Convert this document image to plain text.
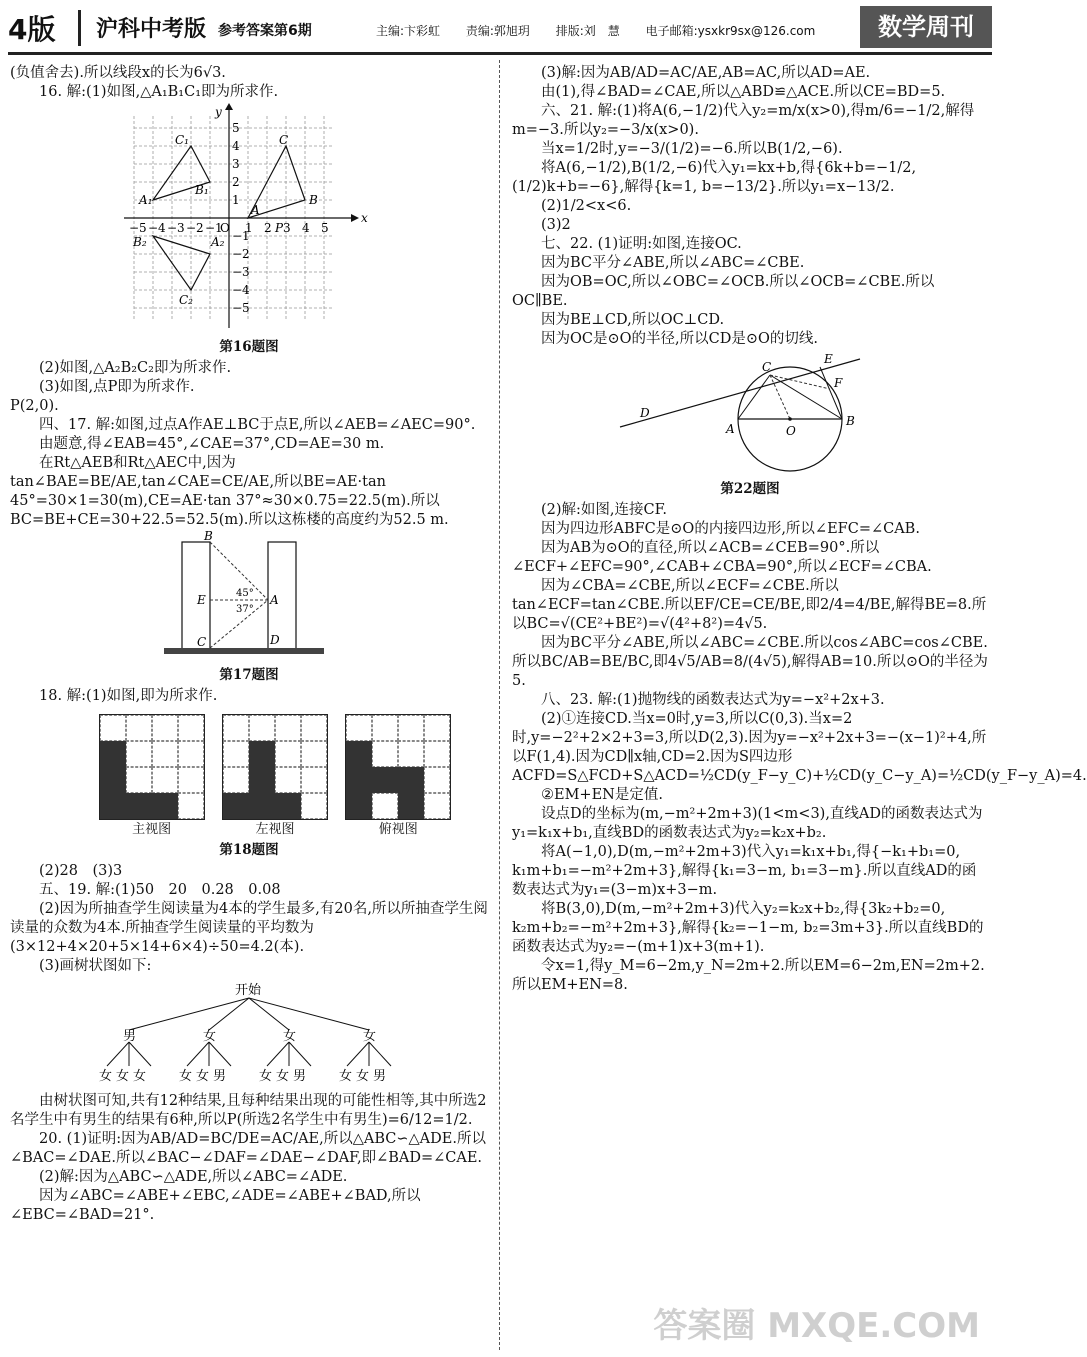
4版 沪科中考版 参考答案第6期	主编:卞彩虹 责编:郭旭玥 排版:刘　慧 电子邮箱:ysxkr9sx@126.com	数学周刊

(负值舍去).所以线段x的长为6√3.

16. 解:(1)如图,△A₁B₁C₁即为所求作.

x
y
−5 −4 −3 −2 −1
O 1 2 3 4 5
5
4
3
2
1
−1
−2
−3
−4
−5
A
B
C
A₁
B₁
C₁
B₂	A₂
C₂
P

第16题图

(2)如图,△A₂B₂C₂即为所求作.

(3)如图,点P即为所求作.

P(2,0).

四、17. 解:如图,过点A作AE⊥BC于点E,所以∠AEB=∠AEC=90°.

由题意,得∠EAB=45°,∠CAE=37°,CD=AE=30 m.

在Rt△AEB和Rt△AEC中,因为tan∠BAE=BE/AE,tan∠CAE=CE/AE,所以BE=AE·tan 45°=30×1=30(m),CE=AE·tan 37°≈30×0.75=22.5(m).所以BC=BE+CE=30+22.5=52.5(m).所以这栋楼的高度约为52.5 m.

B
E
C
A
D
45°
37°

第17题图

18. 解:(1)如图,即为所求作.

主视图	左视图	俯视图

第18题图

(2)28　(3)3

五、19. 解:(1)50　20　0.28　0.08

(2)因为所抽查学生阅读量为4本的学生最多,有20名,所以所抽查学生阅读量的众数为4本.所抽查学生阅读量的平均数为(3×12+4×20+5×14+6×4)÷50=4.2(本).

(3)画树状图如下:

开始
男	女	女	女
女女女 女女男 女女男 女女男

由树状图可知,共有12种结果,且每种结果出现的可能性相等,其中所选2名学生中有男生的结果有6种,所以P(所选2名学生中有男生)=6/12=1/2.

20. (1)证明:因为AB/AD=BC/DE=AC/AE,所以△ABC∽△ADE.所以∠BAC=∠DAE.所以∠BAC−∠DAF=∠DAE−∠DAF,即∠BAD=∠CAE.

(2)解:因为△ABC∽△ADE,所以∠ABC=∠ADE.

因为∠ABC=∠ABE+∠EBC,∠ADE=∠ABE+∠BAD,所以∠EBC=∠BAD=21°.

(3)解:因为AB/AD=AC/AE,AB=AC,所以AD=AE.

由(1),得∠BAD=∠CAE,所以△ABD≌△ACE.所以CE=BD=5.

六、21. 解:(1)将A(6,−1/2)代入y₂=m/x(x>0),得m/6=−1/2,解得m=−3.所以y₂=−3/x(x>0).

当x=1/2时,y=−3/(1/2)=−6.所以B(1/2,−6).

将A(6,−1/2),B(1/2,−6)代入y₁=kx+b,得{6k+b=−1/2, (1/2)k+b=−6},解得{k=1, b=−13/2}.所以y₁=x−13/2.

(2)1/2<x<6.

(3)2

七、22. (1)证明:如图,连接OC.

因为BC平分∠ABE,所以∠ABC=∠CBE.

因为OB=OC,所以∠OBC=∠OCB.所以∠OCB=∠CBE.所以OC∥BE.

因为BE⊥CD,所以OC⊥CD.

因为OC是⊙O的半径,所以CD是⊙O的切线.

E
C
F
D
A	O
B

第22题图

(2)解:如图,连接CF.

因为四边形ABFC是⊙O的内接四边形,所以∠EFC=∠CAB.

因为AB为⊙O的直径,所以∠ACB=∠CEB=90°.所以∠ECF+∠EFC=90°,∠CAB+∠CBA=90°,所以∠ECF=∠CBA.

因为∠CBA=∠CBE,所以∠ECF=∠CBE.所以tan∠ECF=tan∠CBE.所以EF/CE=CE/BE,即2/4=4/BE,解得BE=8.所以BC=√(CE²+BE²)=√(4²+8²)=4√5.

因为BC平分∠ABE,所以∠ABC=∠CBE.所以cos∠ABC=cos∠CBE.所以BC/AB=BE/BC,即4√5/AB=8/(4√5),解得AB=10.所以⊙O的半径为5.

八、23. 解:(1)抛物线的函数表达式为y=−x²+2x+3.

(2)①连接CD.当x=0时,y=3,所以C(0,3).当x=2时,y=−2²+2×2+3=3,所以D(2,3).因为y=−x²+2x+3=−(x−1)²+4,所以F(1,4).因为CD∥x轴,CD=2.因为S四边形ACFD=S△FCD+S△ACD=½CD(y_F−y_C)+½CD(y_C−y_A)=½CD(y_F−y_A)=4.

②EM+EN是定值.

设点D的坐标为(m,−m²+2m+3)(1<m<3),直线AD的函数表达式为y₁=k₁x+b₁,直线BD的函数表达式为y₂=k₂x+b₂.

将A(−1,0),D(m,−m²+2m+3)代入y₁=k₁x+b₁,得{−k₁+b₁=0, k₁m+b₁=−m²+2m+3},解得{k₁=3−m, b₁=3−m}.所以直线AD的函数表达式为y₁=(3−m)x+3−m.

将B(3,0),D(m,−m²+2m+3)代入y₂=k₂x+b₂,得{3k₂+b₂=0, k₂m+b₂=−m²+2m+3},解得{k₂=−1−m, b₂=3m+3}.所以直线BD的函数表达式为y₂=−(m+1)x+3(m+1).

令x=1,得y_M=6−2m,y_N=2m+2.所以EM=6−2m,EN=2m+2.

所以EM+EN=8.

答案圈 MXQE.COM
